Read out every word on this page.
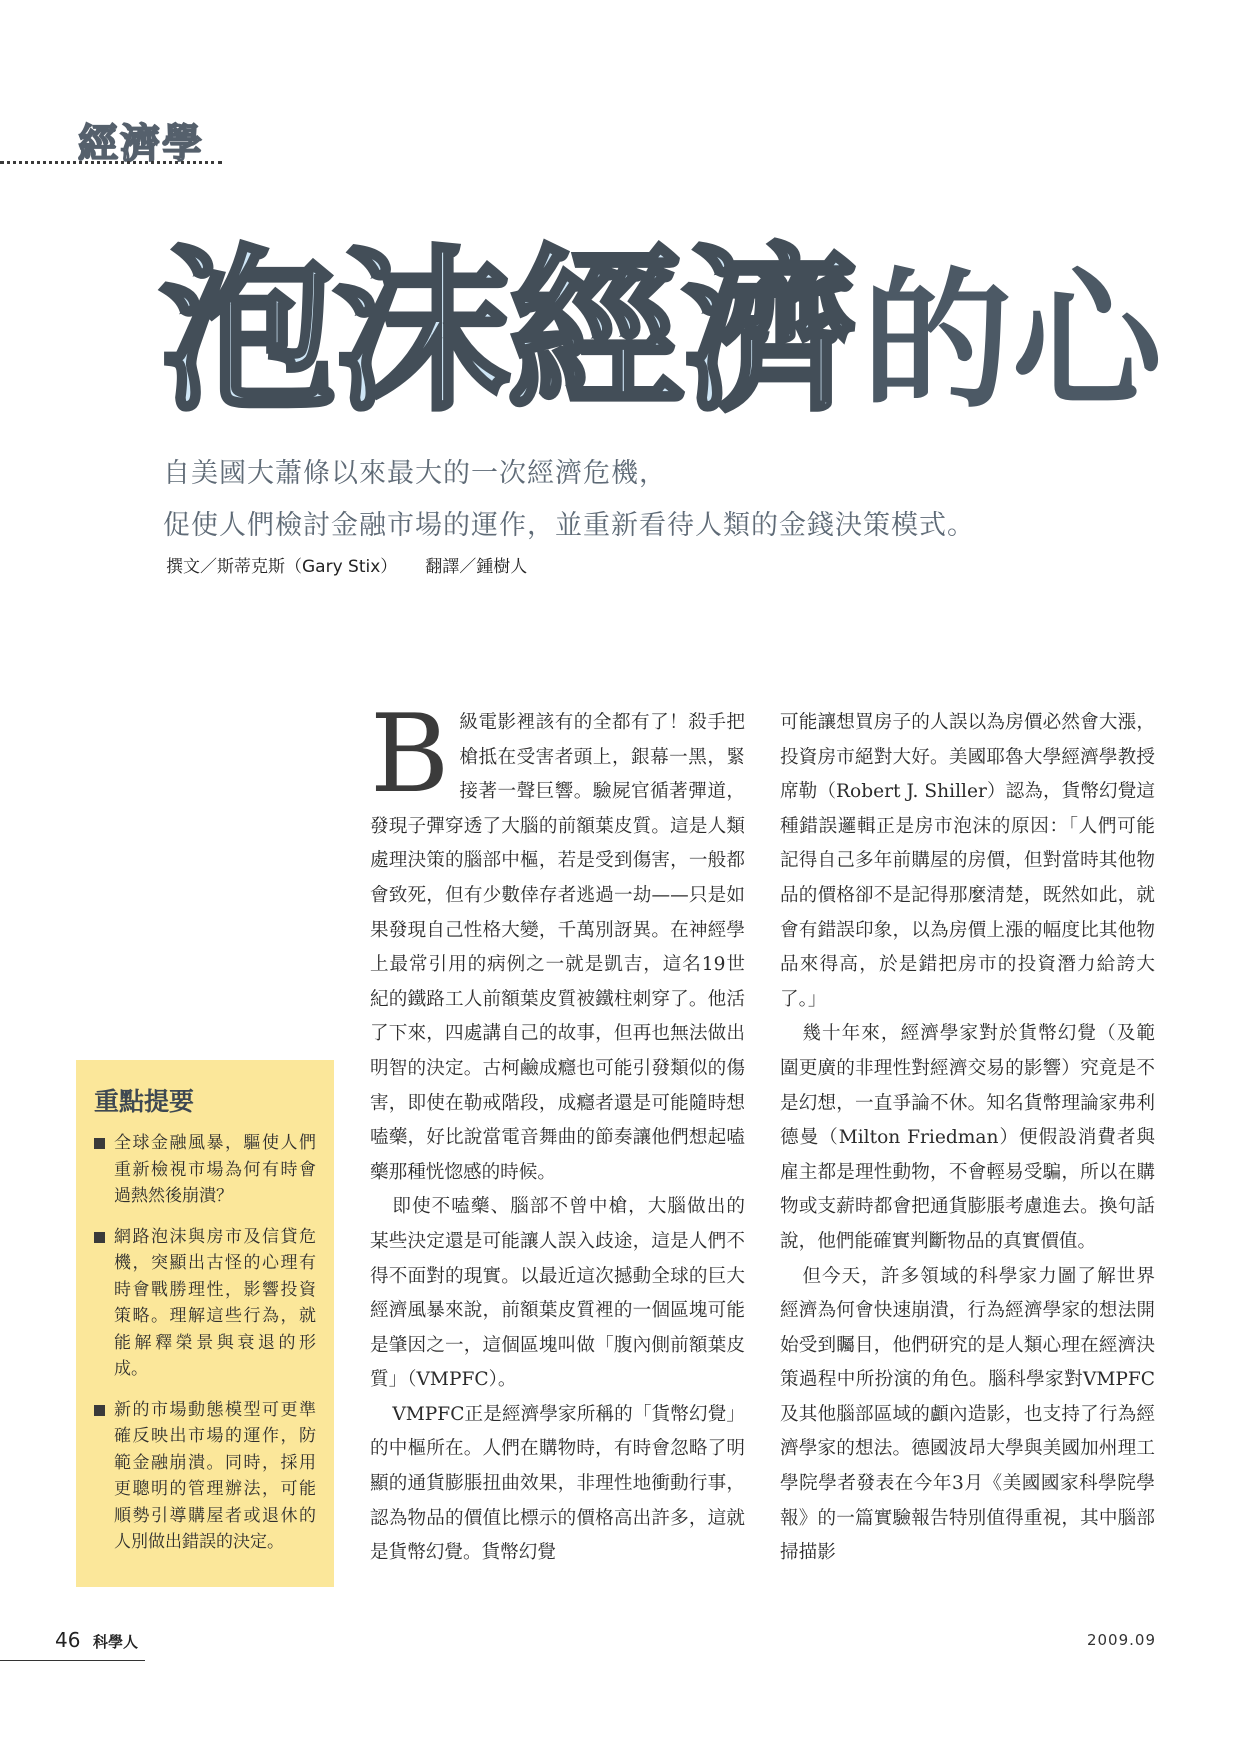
經濟學
泡沫經濟的心
自美國大蕭條以來最大的一次經濟危機，
促使人們檢討金融市場的運作，並重新看待人類的金錢決策模式。
撰文／斯蒂克斯（Gary Stix） 翻譯／鍾樹人
重點提要
全球金融風暴，驅使人們重新檢視市場為何有時會過熱然後崩潰？
網路泡沫與房市及信貸危機，突顯出古怪的心理有時會戰勝理性，影響投資策略。理解這些行為，就能解釋榮景與衰退的形成。
新的市場動態模型可更準確反映出市場的運作，防範金融崩潰。同時，採用更聰明的管理辦法，可能順勢引導購屋者或退休的人別做出錯誤的決定。

B級電影裡該有的全都有了！殺手把槍抵在受害者頭上，銀幕一黑，緊接著一聲巨響。驗屍官循著彈道，發現子彈穿透了大腦的前額葉皮質。這是人類處理決策的腦部中樞，若是受到傷害，一般都會致死，但有少數倖存者逃過一劫——只是如果發現自己性格大變，千萬別訝異。在神經學上最常引用的病例之一就是凱吉，這名19世紀的鐵路工人前額葉皮質被鐵柱刺穿了。他活了下來，四處講自己的故事，但再也無法做出明智的決定。古柯鹼成癮也可能引發類似的傷害，即使在勒戒階段，成癮者還是可能隨時想嗑藥，好比說當電音舞曲的節奏讓他們想起嗑藥那種恍惚感的時候。

即使不嗑藥、腦部不曾中槍，大腦做出的某些決定還是可能讓人誤入歧途，這是人們不得不面對的現實。以最近這次撼動全球的巨大經濟風暴來說，前額葉皮質裡的一個區塊可能是肇因之一，這個區塊叫做「腹內側前額葉皮質」（VMPFC）。

VMPFC正是經濟學家所稱的「貨幣幻覺」的中樞所在。人們在購物時，有時會忽略了明顯的通貨膨脹扭曲效果，非理性地衝動行事，認為物品的價值比標示的價格高出許多，這就是貨幣幻覺。貨幣幻覺

可能讓想買房子的人誤以為房價必然會大漲，投資房市絕對大好。美國耶魯大學經濟學教授席勒（Robert J. Shiller）認為，貨幣幻覺這種錯誤邏輯正是房市泡沫的原因：「人們可能記得自己多年前購屋的房價，但對當時其他物品的價格卻不是記得那麼清楚，既然如此，就會有錯誤印象，以為房價上漲的幅度比其他物品來得高，於是錯把房市的投資潛力給誇大了。」

幾十年來，經濟學家對於貨幣幻覺（及範圍更廣的非理性對經濟交易的影響）究竟是不是幻想，一直爭論不休。知名貨幣理論家弗利德曼（Milton Friedman）便假設消費者與雇主都是理性動物，不會輕易受騙，所以在購物或支薪時都會把通貨膨脹考慮進去。換句話說，他們能確實判斷物品的真實價值。

但今天，許多領域的科學家力圖了解世界經濟為何會快速崩潰，行為經濟學家的想法開始受到矚目，他們研究的是人類心理在經濟決策過程中所扮演的角色。腦科學家對VMPFC及其他腦部區域的顱內造影，也支持了行為經濟學家的想法。德國波昂大學與美國加州理工學院學者發表在今年3月《美國國家科學院學報》的一篇實驗報告特別值得重視，其中腦部掃描影

46 科學人	2009.09
